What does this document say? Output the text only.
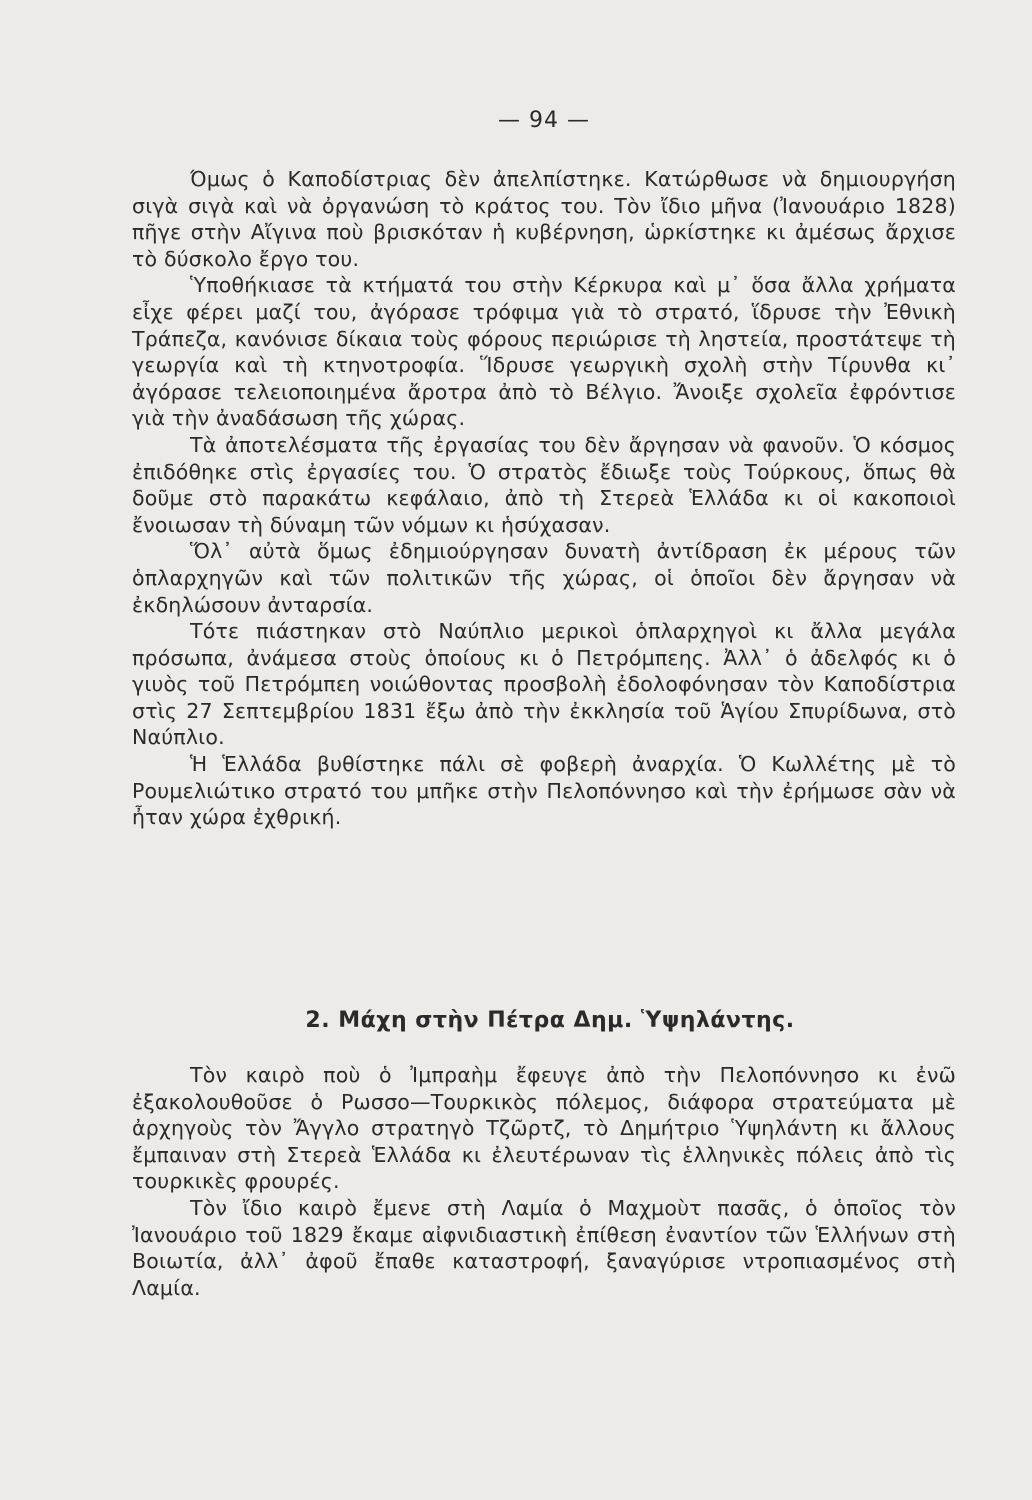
— 94 —

Όμως ὁ Καποδίστριας δὲν ἀπελπίστηκε. Κατώρθωσε νὰ δημιουργήση σιγὰ σιγὰ καὶ νὰ ὀργανώση τὸ κράτος του. Τὸν ἴδιο μῆνα (Ἰανουάριο 1828) πῆγε στὴν Αἴγινα ποὺ βρισκόταν ἡ κυβέρνηση, ὡρκίστηκε κι ἀμέσως ἄρχισε τὸ δύσκολο ἔργο του.

Ὑποθήκιασε τὰ κτήματά του στὴν Κέρκυρα καὶ μ᾽ ὅσα ἄλλα χρήματα εἶχε φέρει μαζί του, ἀγόρασε τρόφιμα γιὰ τὸ στρατό, ἵδρυσε τὴν Ἐθνικὴ Τράπεζα, κανόνισε δίκαια τοὺς φόρους περιώρισε τὴ ληστεία, προστάτεψε τὴ γεωργία καὶ τὴ κτηνοτροφία. Ἵδρυσε γεωργικὴ σχολὴ στὴν Τίρυνθα κι᾽ ἀγόρασε τελειοποιημένα ἄροτρα ἀπὸ τὸ Βέλγιο. Ἄνοιξε σχολεῖα ἐφρόντισε γιὰ τὴν ἀναδάσωση τῆς χώρας.

Τὰ ἀποτελέσματα τῆς ἐργασίας του δὲν ἄργησαν νὰ φανοῦν. Ὁ κόσμος ἐπιδόθηκε στὶς ἐργασίες του. Ὁ στρατὸς ἔδιωξε τοὺς Τούρκους, ὅπως θὰ δοῦμε στὸ παρακάτω κεφάλαιο, ἀπὸ τὴ Στερεὰ Ἑλλάδα κι οἱ κακοποιοὶ ἔνοιωσαν τὴ δύναμη τῶν νόμων κι ἡσύχασαν.

Ὅλ᾽ αὐτὰ ὅμως ἐδημιούργησαν δυνατὴ ἀντίδραση ἐκ μέρους τῶν ὁπλαρχηγῶν καὶ τῶν πολιτικῶν τῆς χώρας, οἱ ὁποῖοι δὲν ἄργησαν νὰ ἐκδηλώσουν ἀνταρσία.

Τότε πιάστηκαν στὸ Ναύπλιο μερικοὶ ὁπλαρχηγοὶ κι ἄλλα μεγάλα πρόσωπα, ἀνάμεσα στοὺς ὁποίους κι ὁ Πετρόμπεης. Ἀλλ᾽ ὁ ἀδελφός κι ὁ γιυὸς τοῦ Πετρόμπεη νοιώθοντας προσβολὴ ἐδολοφόνησαν τὸν Καποδίστρια στὶς 27 Σεπτεμβρίου 1831 ἔξω ἀπὸ τὴν ἐκκλησία τοῦ Ἁγίου Σπυρίδωνα, στὸ Ναύπλιο.

Ἡ Ἑλλάδα βυθίστηκε πάλι σὲ φοβερὴ ἀναρχία. Ὁ Κωλλέτης μὲ τὸ Ρουμελιώτικο στρατό του μπῆκε στὴν Πελοπόννησο καὶ τὴν ἐρήμωσε σὰν νὰ ἦταν χώρα ἐχθρική.

2. Μάχη στὴν Πέτρα Δημ. Ὑψηλάντης.

Τὸν καιρὸ ποὺ ὁ Ἰμπραὴμ ἔφευγε ἀπὸ τὴν Πελοπόννησο κι ἐνῶ ἐξακολουθοῦσε ὁ Ρωσσο—Τουρκικὸς πόλεμος, διάφορα στρατεύματα μὲ ἀρχηγοὺς τὸν Ἄγγλο στρατηγὸ Τζῶρτζ, τὸ Δημήτριο Ὑψηλάντη κι ἄλλους ἔμπαιναν στὴ Στερεὰ Ἑλλάδα κι ἐλευτέρωναν τὶς ἑλληνικὲς πόλεις ἀπὸ τὶς τουρκικὲς φρουρές.

Τὸν ἴδιο καιρὸ ἔμενε στὴ Λαμία ὁ Μαχμοὺτ πασᾶς, ὁ ὁποῖος τὸν Ἰανουάριο τοῦ 1829 ἔκαμε αἰφνιδιαστικὴ ἐπίθεση ἐναντίον τῶν Ἑλλήνων στὴ Βοιωτία, ἀλλ᾽ ἀφοῦ ἔπαθε καταστροφή, ξαναγύρισε ντροπιασμένος στὴ Λαμία.
